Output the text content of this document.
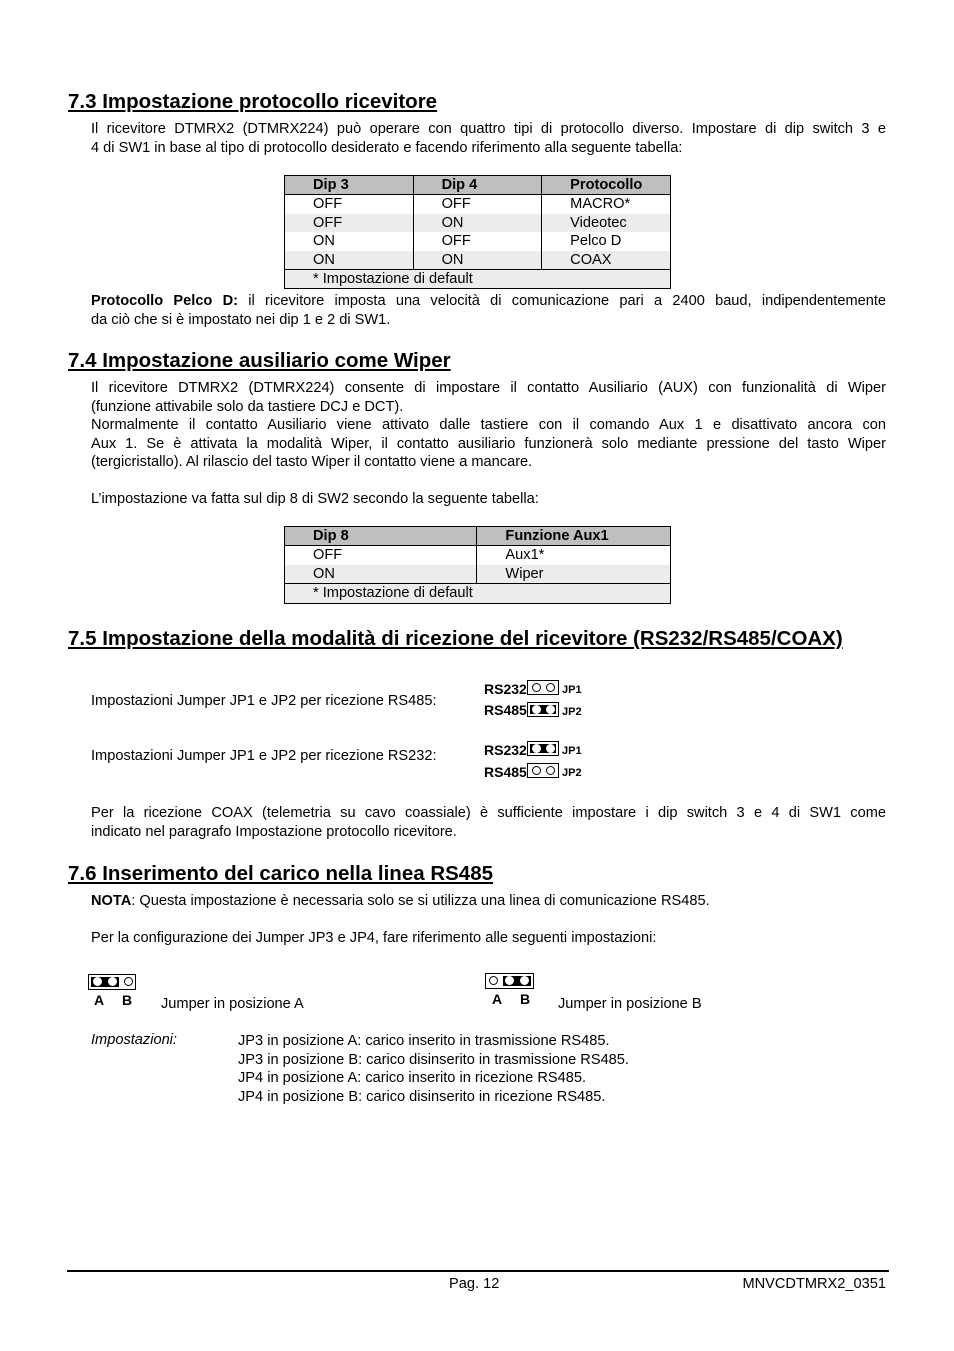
7.3 Impostazione protocollo ricevitore
Il ricevitore DTMRX2 (DTMRX224) può operare con quattro tipi di protocollo diverso. Impostare di dip switch 3 e
4 di SW1 in base al tipo di protocollo desiderato e facendo riferimento alla seguente tabella:
Dip 3	Dip 4	Protocollo
OFF	OFF	MACRO*
OFF	ON	Videotec
ON	OFF	Pelco D
ON	ON	COAX
* Impostazione di default		
Protocollo Pelco D: il ricevitore imposta una velocità di comunicazione pari a 2400 baud, indipendentemente
da ciò che si è impostato nei dip 1 e 2 di SW1.
7.4 Impostazione ausiliario come Wiper
Il ricevitore DTMRX2 (DTMRX224) consente di impostare il contatto Ausiliario (AUX) con funzionalità di Wiper
(funzione attivabile solo da tastiere DCJ e DCT).
Normalmente il contatto Ausiliario viene attivato dalle tastiere con il comando Aux 1 e disattivato ancora con
Aux 1. Se è attivata la modalità Wiper, il contatto ausiliario funzionerà solo mediante pressione del tasto Wiper
(tergicristallo). Al rilascio del tasto Wiper il contatto viene a mancare.
L’impostazione va fatta sul dip 8 di SW2 secondo la seguente tabella:
Dip 8	Funzione Aux1
OFF	Aux1*
ON	Wiper
* Impostazione di default	
7.5 Impostazione della modalità di ricezione del ricevitore (RS232/RS485/COAX)
Impostazioni Jumper JP1 e JP2 per ricezione RS485:
RS232	JP1
RS485	JP2
Impostazioni Jumper JP1 e JP2 per ricezione RS232:	RS232	JP1
RS485	JP2
Per la ricezione COAX (telemetria su cavo coassiale) è sufficiente impostare i dip switch 3 e 4 di SW1 come
indicato nel paragrafo Impostazione protocollo ricevitore.
7.6 Inserimento del carico nella linea RS485
NOTA: Questa impostazione è necessaria solo se si utilizza una linea di comunicazione RS485.
Per la configurazione dei Jumper JP3 e JP4, fare riferimento alle seguenti impostazioni:
A B Jumper in posizione A	A B Jumper in posizione B
Impostazioni:	JP3 in posizione A: carico inserito in trasmissione RS485.
JP3 in posizione B: carico disinserito in trasmissione RS485.
JP4 in posizione A: carico inserito in ricezione RS485.
JP4 in posizione B: carico disinserito in ricezione RS485.
Pag. 12	MNVCDTMRX2_0351
